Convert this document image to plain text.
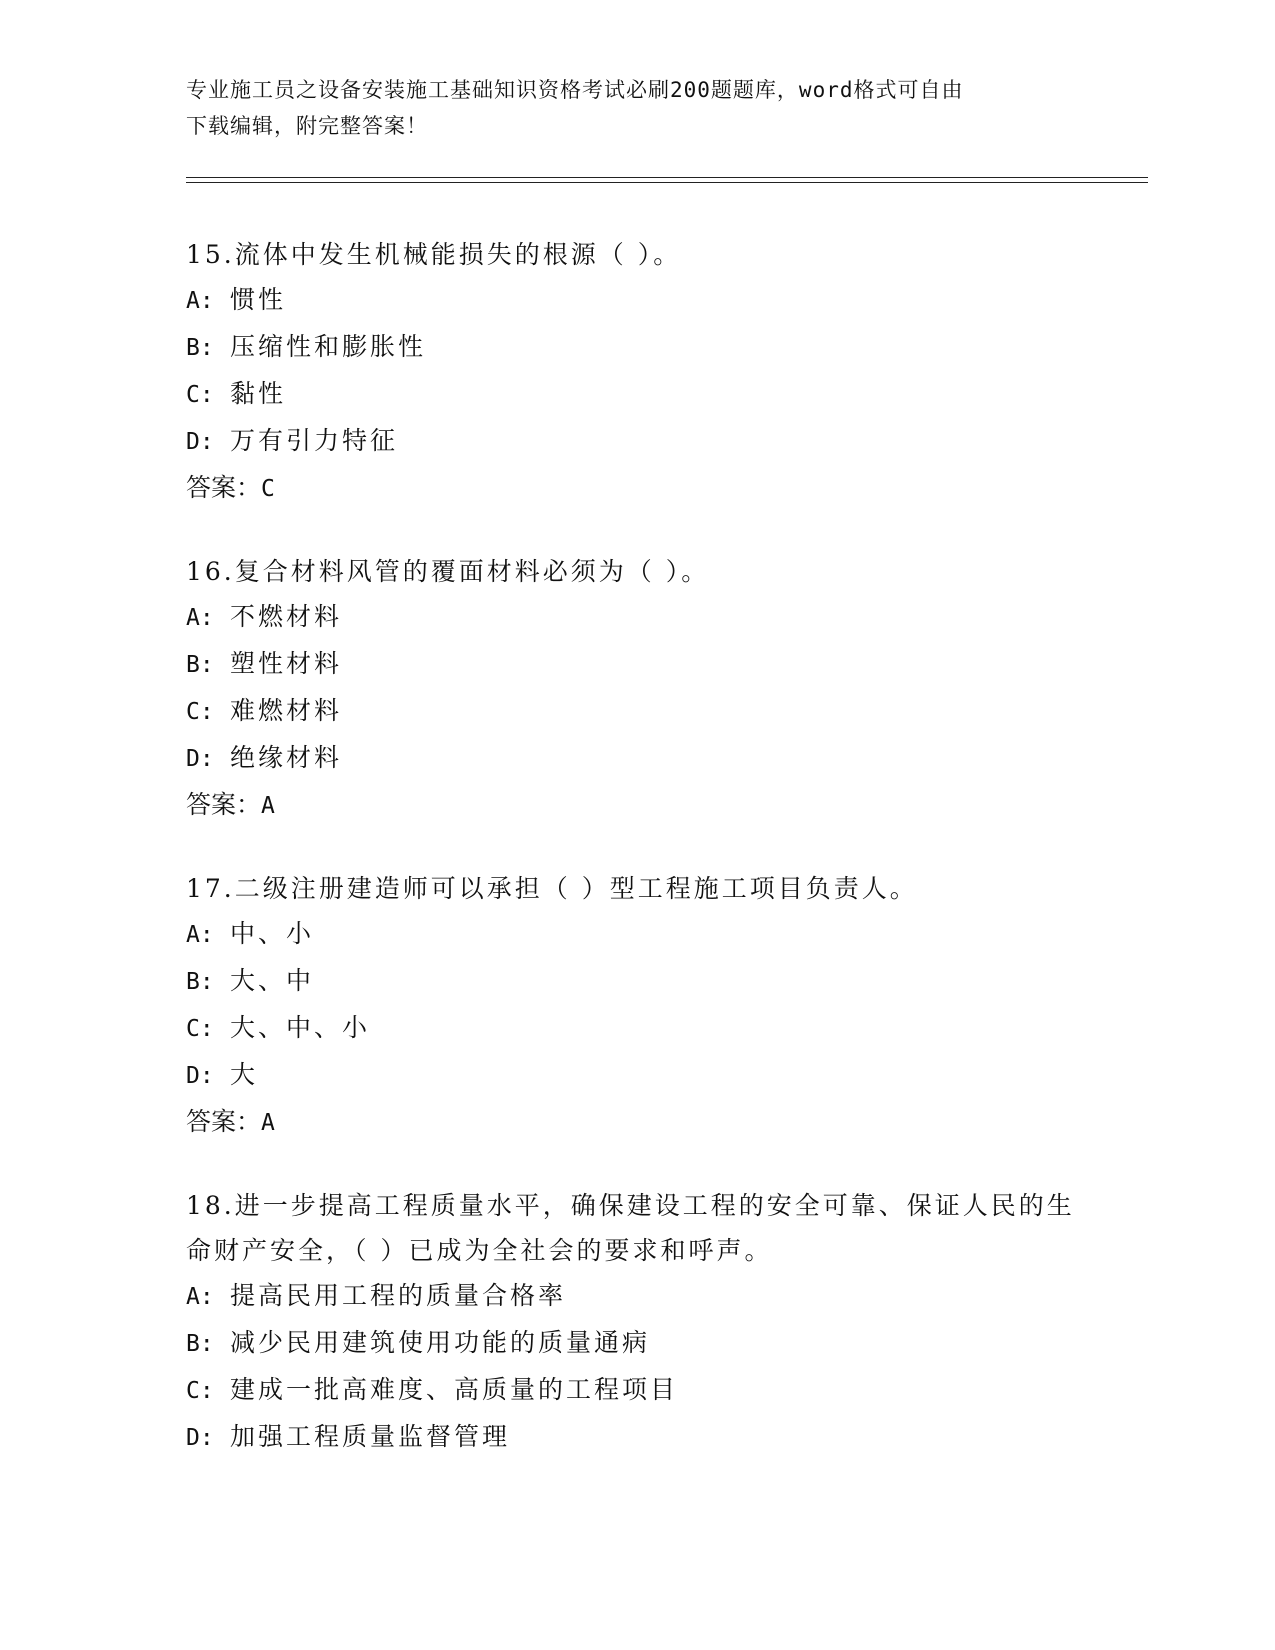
专业施工员之设备安装施工基础知识资格考试必刷200题题库，word格式可自由
下载编辑，附完整答案！

15.流体中发生机械能损失的根源（ ）。

A: 惯性

B: 压缩性和膨胀性

C: 黏性

D: 万有引力特征

答案：C

16.复合材料风管的覆面材料必须为（ ）。

A: 不燃材料

B: 塑性材料

C: 难燃材料

D: 绝缘材料

答案：A

17.二级注册建造师可以承担（ ）型工程施工项目负责人。

A: 中、小

B: 大、中

C: 大、中、小

D: 大

答案：A

18.进一步提高工程质量水平，确保建设工程的安全可靠、保证人民的生命财产安全，（ ）已成为全社会的要求和呼声。

A: 提高民用工程的质量合格率

B: 减少民用建筑使用功能的质量通病

C: 建成一批高难度、高质量的工程项目

D: 加强工程质量监督管理
